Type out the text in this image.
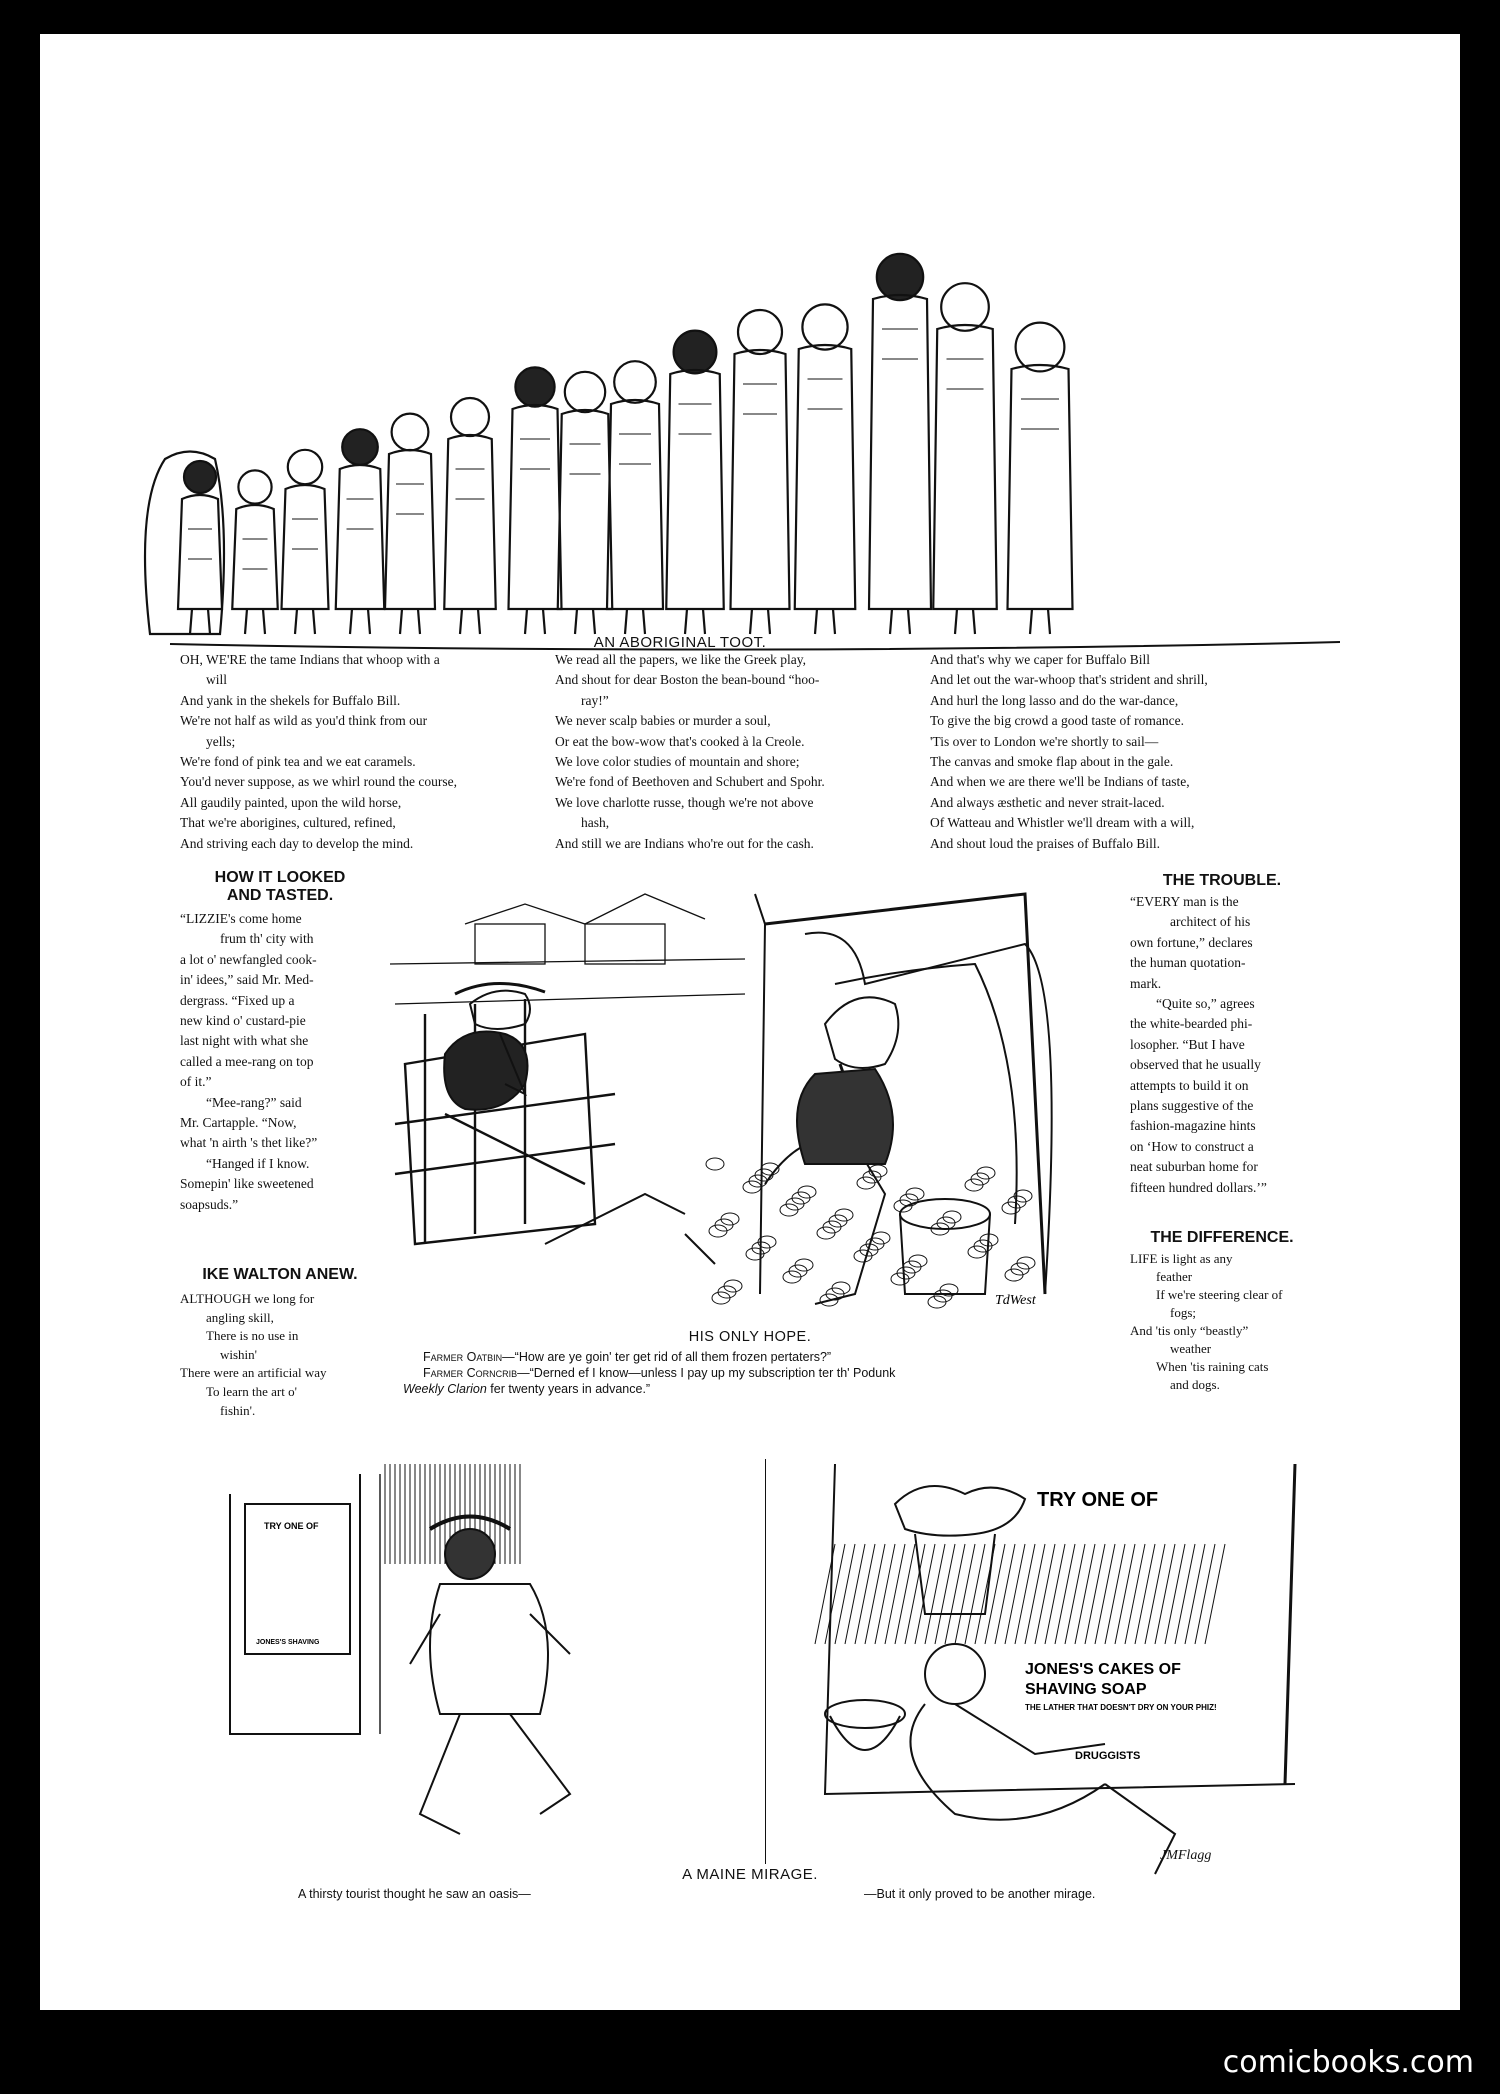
AN ABORIGINAL TOOT.
OH, WE'RE the tame Indians that whoop with a
will
And yank in the shekels for Buffalo Bill.
We're not half as wild as you'd think from our
yells;
We're fond of pink tea and we eat caramels.
You'd never suppose, as we whirl round the course,
All gaudily painted, upon the wild horse,
That we're aborigines, cultured, refined,
And striving each day to develop the mind.
We read all the papers, we like the Greek play,
And shout for dear Boston the bean-bound “hoo-
ray!”
We never scalp babies or murder a soul,
Or eat the bow-wow that's cooked à la Creole.
We love color studies of mountain and shore;
We're fond of Beethoven and Schubert and Spohr.
We love charlotte russe, though we're not above
hash,
And still we are Indians who're out for the cash.
And that's why we caper for Buffalo Bill
And let out the war-whoop that's strident and shrill,
And hurl the long lasso and do the war-dance,
To give the big crowd a good taste of romance.
'Tis over to London we're shortly to sail—
The canvas and smoke flap about in the gale.
And when we are there we'll be Indians of taste,
And always æsthetic and never strait-laced.
Of Watteau and Whistler we'll dream with a will,
And shout loud the praises of Buffalo Bill.
HOW IT LOOKED
AND TASTED.
“LIZZIE's come home
frum th' city with
a lot o' newfangled cook-
in' idees,” said Mr. Med-
dergrass. “Fixed up a
new kind o' custard-pie
last night with what she
called a mee-rang on top
of it.”
“Mee-rang?” said
Mr. Cartapple. “Now,
what 'n airth 's thet like?”
“Hanged if I know.
Somepin' like sweetened
soapsuds.”
IKE WALTON ANEW.
ALTHOUGH we long for
angling skill,
There is no use in
wishin'
There were an artificial way
To learn the art o'
fishin'.
THE TROUBLE.
“EVERY man is the
architect of his
own fortune,” declares
the human quotation-
mark.
“Quite so,” agrees
the white-bearded phi-
losopher. “But I have
observed that he usually
attempts to build it on
plans suggestive of the
fashion-magazine hints
on ‘How to construct a
neat suburban home for
fifteen hundred dollars.’”
THE DIFFERENCE.
LIFE is light as any
feather
If we're steering clear of
fogs;
And 'tis only “beastly”
weather
When 'tis raining cats
and dogs.
TdWest
HIS ONLY HOPE.
Farmer Oatbin—“How are ye goin' ter get rid of all them frozen pertaters?”
Farmer Corncrib—“Derned ef I know—unless I pay up my subscription ter th' Podunk
Weekly Clarion fer twenty years in advance.”
TRY ONE OF
JONES'S SHAVING
TRY ONE OF
JONES'S CAKES OF
SHAVING SOAP
THE LATHER THAT DOESN'T DRY ON YOUR PHIZ!
DRUGGISTS
JMFlagg
A MAINE MIRAGE.
A thirsty tourist thought he saw an oasis—	—But it only proved to be another mirage.
comicbooks.com
